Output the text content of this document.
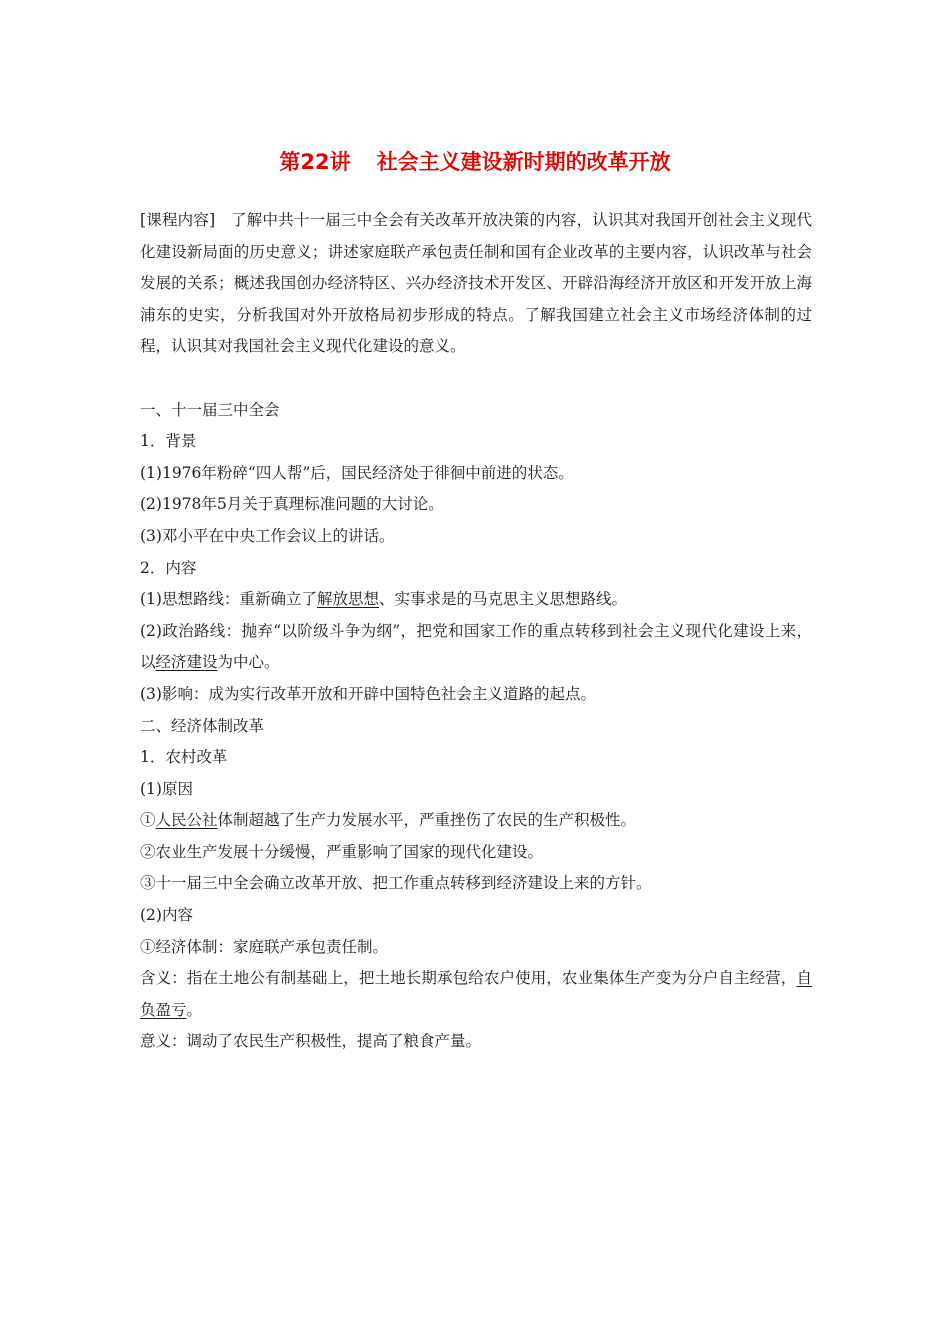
第22讲 社会主义建设新时期的改革开放

[课程内容]　 了解中共十一届三中全会有关改革开放决策的内容，认识其对我国开创社会主义现代化建设新局面的历史意义；讲述家庭联产承包责任制和国有企业改革的主要内容，认识改革与社会发展的关系；概述我国创办经济特区、兴办经济技术开发区、开辟沿海经济开放区和开发开放上海浦东的史实，分析我国对外开放格局初步形成的特点。了解我国建立社会主义市场经济体制的过程，认识其对我国社会主义现代化建设的意义。

一、十一届三中全会

1．背景

(1)1976年粉碎“四人帮”后，国民经济处于徘徊中前进的状态。

(2)1978年5月关于真理标准问题的大讨论。

(3)邓小平在中央工作会议上的讲话。

2．内容

(1)思想路线：重新确立了解放思想、实事求是的马克思主义思想路线。

(2)政治路线：抛弃“以阶级斗争为纲”，把党和国家工作的重点转移到社会主义现代化建设上来，以经济建设为中心。

(3)影响：成为实行改革开放和开辟中国特色社会主义道路的起点。

二、经济体制改革

1．农村改革

(1)原因

①人民公社体制超越了生产力发展水平，严重挫伤了农民的生产积极性。

②农业生产发展十分缓慢，严重影响了国家的现代化建设。

③十一届三中全会确立改革开放、把工作重点转移到经济建设上来的方针。

(2)内容

①经济体制：家庭联产承包责任制。

含义：指在土地公有制基础上，把土地长期承包给农户使用，农业集体生产变为分户自主经营，自负盈亏。

意义：调动了农民生产积极性，提高了粮食产量。
